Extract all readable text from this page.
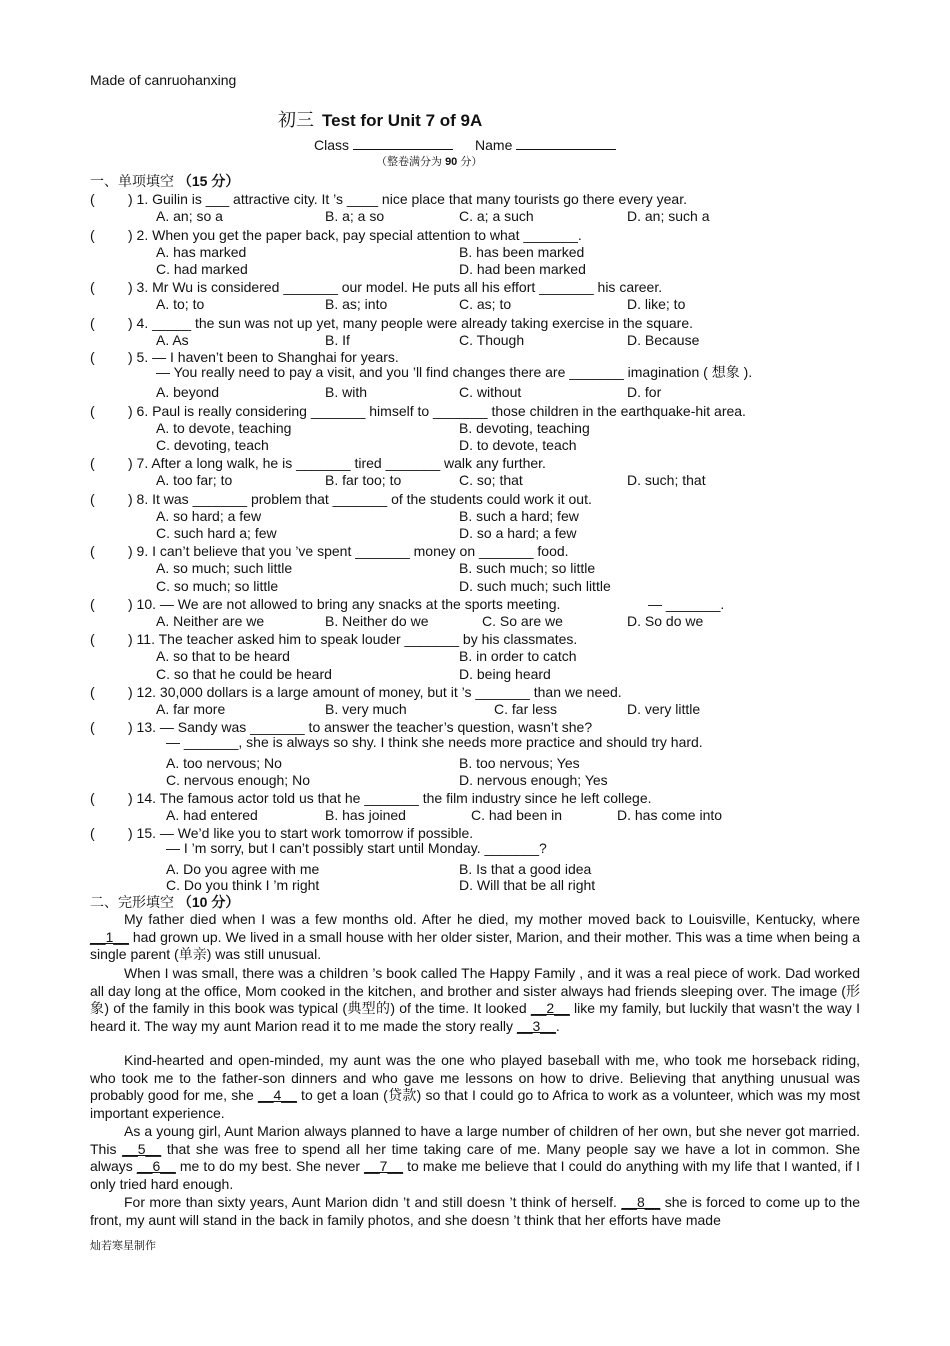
Made of canruohanxing
初三 Test for Unit 7 of 9A
Class	Name
（整卷满分为 90 分）
一、单项填空 （15 分）
( ) 1. Guilin is ___ attractive city. It ’s ____ nice place that many tourists go there every year.
A. an; so a	B. a; a so	C. a; a such	D. an; such a
( ) 2. When you get the paper back, pay special attention to what _______.
A. has marked	B. has been marked
C. had marked	D. had been marked
( ) 3. Mr Wu is considered _______ our model. He puts all his effort _______ his career.
A. to; to	B. as; into	C. as; to	D. like; to
( ) 4. _____ the sun was not up yet, many people were already taking exercise in the square.
A. As	B. If	C. Though	D. Because
( ) 5. — I haven’t been to Shanghai for years.
— You really need to pay a visit, and you ’ll find changes there are _______ imagination ( 想象 ).
A. beyond	B. with	C. without	D. for
( ) 6. Paul is really considering _______ himself to _______ those children in the earthquake-hit area.
A. to devote, teaching	B. devoting, teaching
C. devoting, teach	D. to devote, teach
( ) 7. After a long walk, he is _______ tired _______ walk any further.
A. too far; to	B. far too; to	C. so; that	D. such; that
( ) 8. It was _______ problem that _______ of the students could work it out.
A. so hard; a few	B. such a hard; few
C. such hard a; few	D. so a hard; a few
( ) 9. I can’t believe that you ’ve spent _______ money on _______ food.
A. so much; such little	B. such much; so little
C. so much; so little	D. such much; such little
( ) 10. — We are not allowed to bring any snacks at the sports meeting.	— _______.
A. Neither are we	B. Neither do we	C. So are we	D. So do we
( ) 11. The teacher asked him to speak louder _______ by his classmates.
A. so that to be heard	B. in order to catch
C. so that he could be heard	D. being heard
( ) 12. 30,000 dollars is a large amount of money, but it ’s _______ than we need.
A. far more	B. very much	C. far less	D. very little
( ) 13. — Sandy was _______ to answer the teacher’s question, wasn’t she?
— _______, she is always so shy. I think she needs more practice and should try hard.
A. too nervous; No	B. too nervous; Yes
C. nervous enough; No	D. nervous enough; Yes
( ) 14. The famous actor told us that he _______ the film industry since he left college.
A. had entered	B. has joined	C. had been in	D. has come into
( ) 15. — We’d like you to start work tomorrow if possible.
— I ’m sorry, but I can’t possibly start until Monday. _______?
A. Do you agree with me	B. Is that a good idea
C. Do you think I ’m right	D. Will that be all right
二、完形填空 （10 分）
My father died when I was a few months old. After he died, my mother moved back to Louisville, Kentucky, where __1__ had grown up. We lived in a small house with her older sister, Marion, and their mother. This was a time when being a single parent (单亲) was still unusual.
When I was small, there was a children ’s book called The Happy Family , and it was a real piece of work. Dad worked all day long at the office, Mom cooked in the kitchen, and brother and sister always had friends sleeping over. The image (形象) of the family in this book was typical (典型的) of the time. It looked __2__ like my family, but luckily that wasn’t the way I heard it. The way my aunt Marion read it to me made the story really __3__.
Kind-hearted and open-minded, my aunt was the one who played baseball with me, who took me horseback riding, who took me to the father-son dinners and who gave me lessons on how to drive. Believing that anything unusual was probably good for me, she __4__ to get a loan (贷款) so that I could go to Africa to work as a volunteer, which was my most important experience.
As a young girl, Aunt Marion always planned to have a large number of children of her own, but she never got married. This __5__ that she was free to spend all her time taking care of me. Many people say we have a lot in common. She always __6__ me to do my best. She never __7__ to make me believe that I could do anything with my life that I wanted, if I only tried hard enough.
For more than sixty years, Aunt Marion didn ’t and still doesn ’t think of herself. __8__ she is forced to come up to the front, my aunt will stand in the back in family photos, and she doesn ’t think that her efforts have made
灿若寒星制作
